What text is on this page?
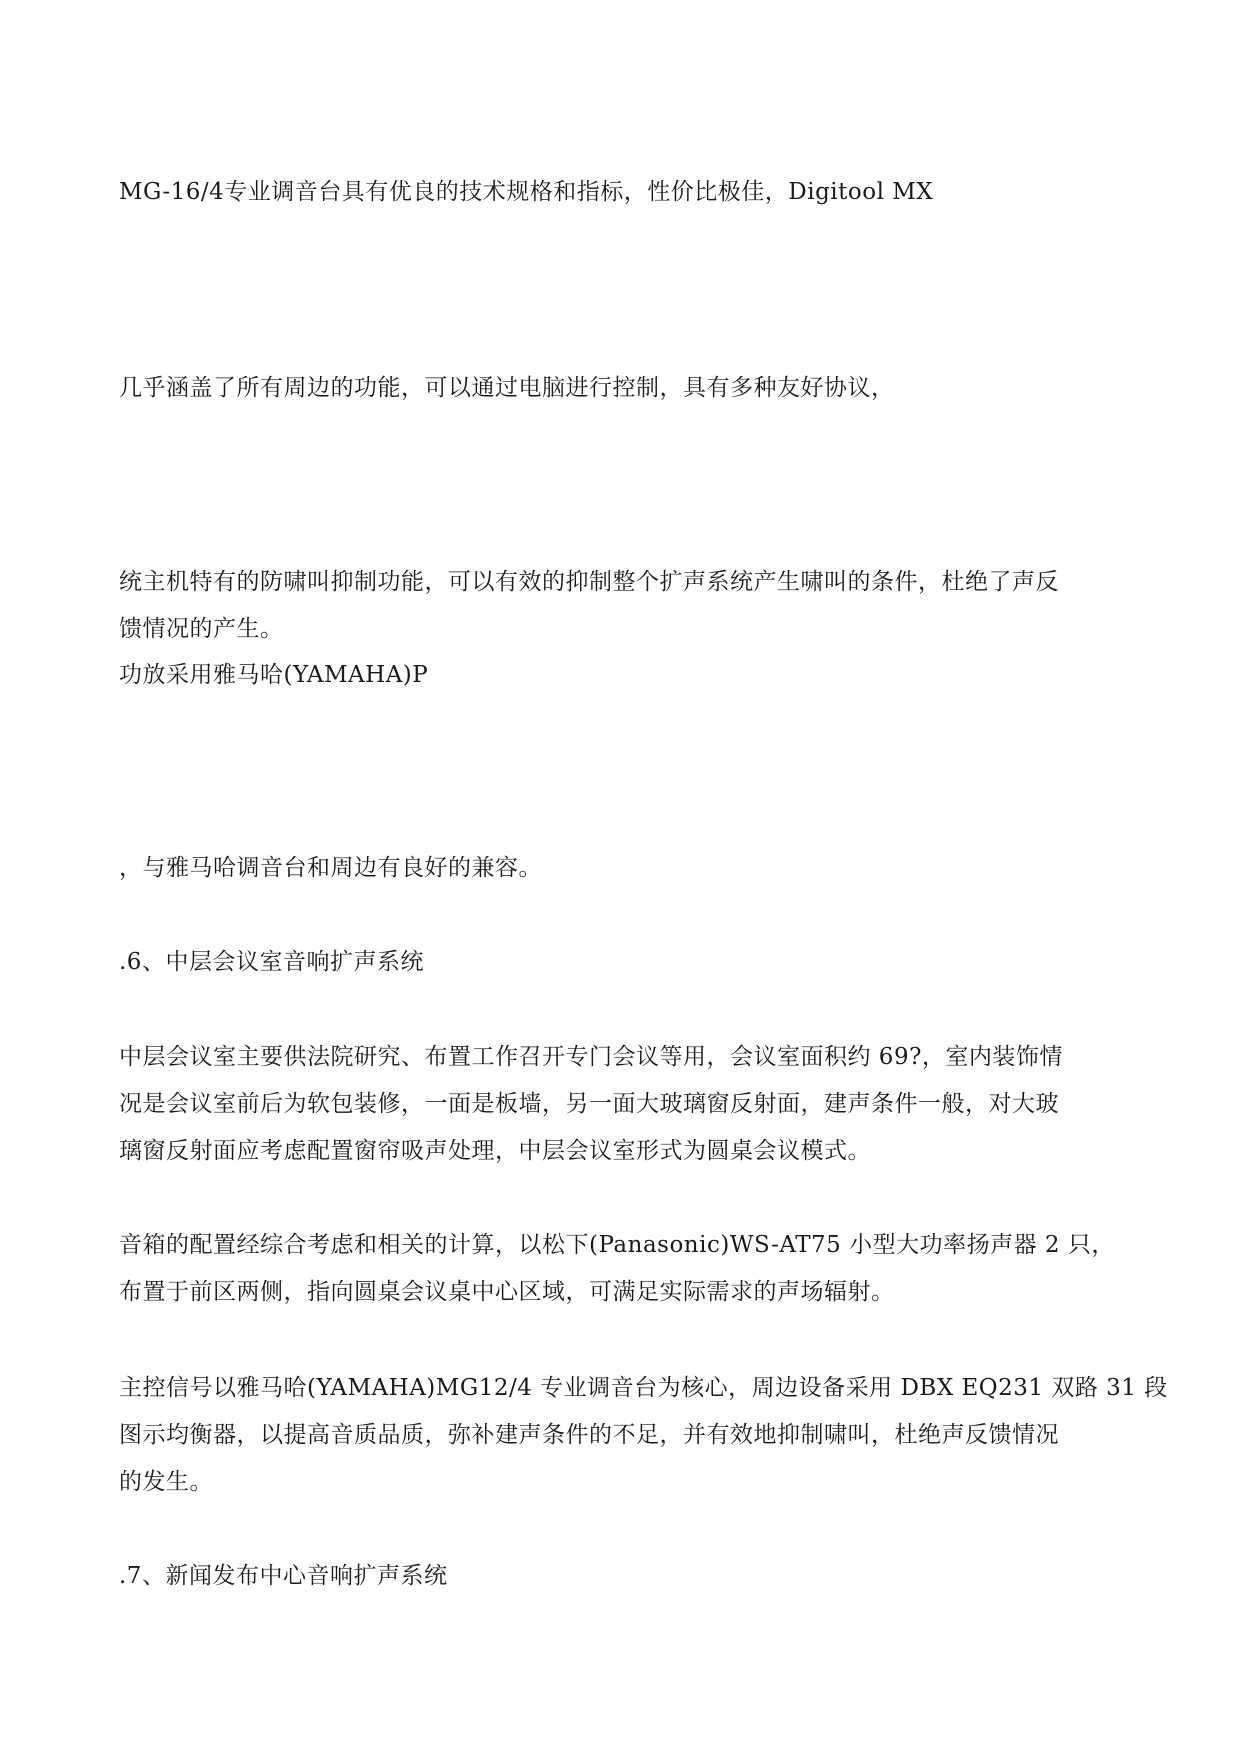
MG-16/4专业调音台具有优良的技术规格和指标，性价比极佳，Digitool MX
几乎涵盖了所有周边的功能，可以通过电脑进行控制，具有多种友好协议，
统主机特有的防啸叫抑制功能，可以有效的抑制整个扩声系统产生啸叫的条件，杜绝了声反
馈情况的产生。
功放采用雅马哈(YAMAHA)P
，与雅马哈调音台和周边有良好的兼容。
.6、中层会议室音响扩声系统
中层会议室主要供法院研究、布置工作召开专门会议等用，会议室面积约 69?，室内装饰情
况是会议室前后为软包装修，一面是板墙，另一面大玻璃窗反射面，建声条件一般，对大玻
璃窗反射面应考虑配置窗帘吸声处理，中层会议室形式为圆桌会议模式。
音箱的配置经综合考虑和相关的计算，以松下(Panasonic)WS-AT75 小型大功率扬声器 2 只，
布置于前区两侧，指向圆桌会议桌中心区域，可满足实际需求的声场辐射。
主控信号以雅马哈(YAMAHA)MG12/4 专业调音台为核心，周边设备采用 DBX EQ231 双路 31 段
图示均衡器，以提高音质品质，弥补建声条件的不足，并有效地抑制啸叫，杜绝声反馈情况
的发生。
.7、新闻发布中心音响扩声系统
